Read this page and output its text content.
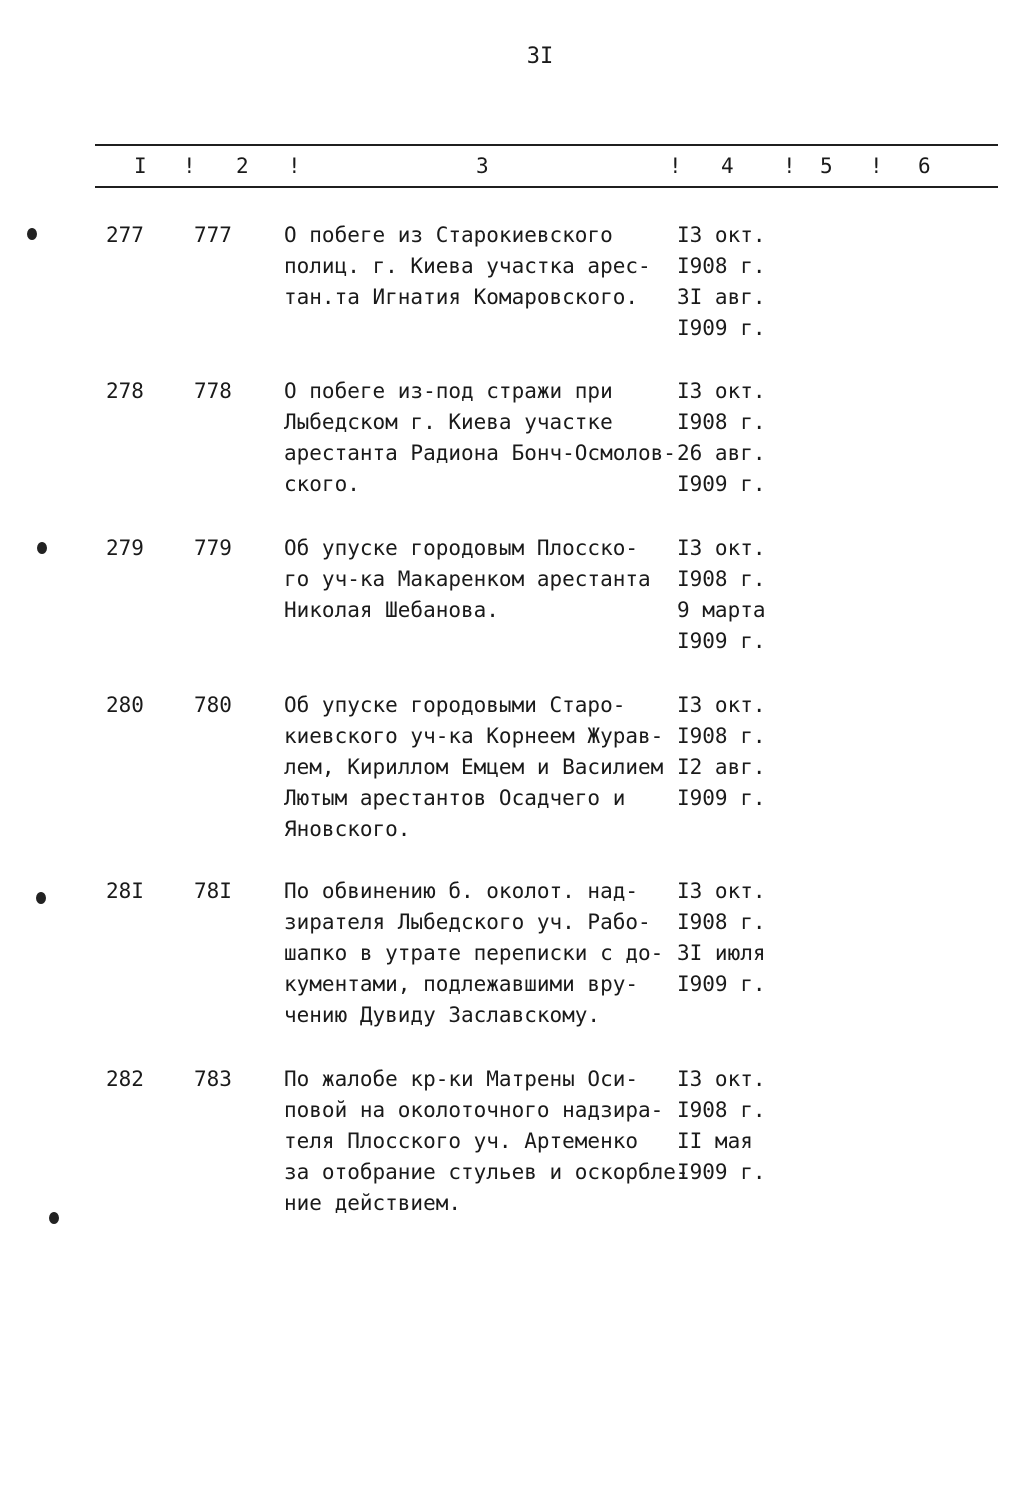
3I
I ! 2 !	3	! 4 ! 5 ! 6
277 777 О побеге из Старокиевского
полиц. г. Киева участка арес-
тан.та Игнатия Комаровского.
I3 окт.
I908 г.
3I авг.
I909 г.
278 778 О побеге из-под стражи при
Лыбедском г. Киева участке
арестанта Радиона Бонч-Осмолов-
ского.
I3 окт.
I908 г.
26 авг.
I909 г.
279 779 Об упуске городовым Плосско-
го уч-ка Макаренком арестанта
Николая Шебанова.
I3 окт.
I908 г.
9 марта
I909 г.
280 780 Об упуске городовыми Старо-
киевского уч-ка Корнеем Журав-
лем, Кириллом Емцем и Василием
Лютым арестантов Осадчего и
Яновского.
I3 окт.
I908 г.
I2 авг.
I909 г.
28I 78I По обвинению б. околот. над-
зирателя Лыбедского уч. Рабо-
шапко в утрате переписки с до-
кументами, подлежавшими вру-
чению Дувиду Заславскому.
I3 окт.
I908 г.
3I июля
I909 г.
282 783 По жалобе кр-ки Матрены Оси-
повой на околоточного надзира-
теля Плосского уч. Артеменко
за отобрание стульев и оскорбле-
ние действием.
I3 окт.
I908 г.
II мая
I909 г.
